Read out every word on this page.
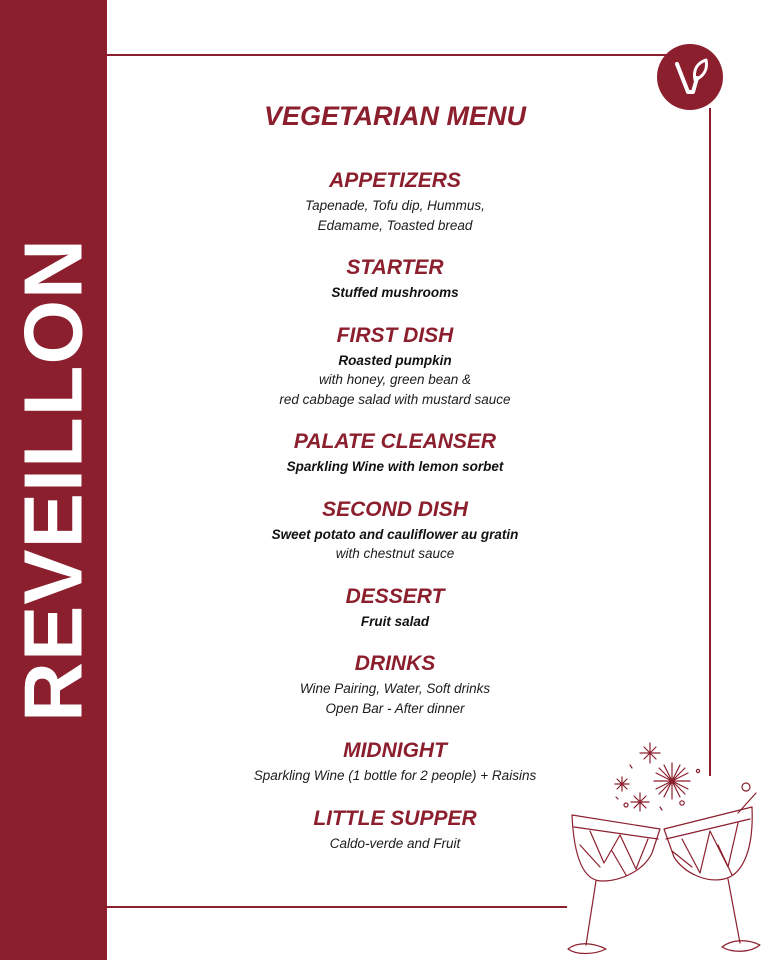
REVEILLON
VEGETARIAN MENU
APPETIZERS
Tapenade, Tofu dip, Hummus,
Edamame, Toasted bread
STARTER
Stuffed mushrooms
FIRST DISH
Roasted pumpkin
with honey, green bean &
red cabbage salad with mustard sauce
PALATE CLEANSER
Sparkling Wine with lemon sorbet
SECOND DISH
Sweet potato and cauliflower au gratin
with chestnut sauce
DESSERT
Fruit salad
DRINKS
Wine Pairing, Water, Soft drinks
Open Bar - After dinner
MIDNIGHT
Sparkling Wine (1 bottle for 2 people) + Raisins
LITTLE SUPPER
Caldo-verde and Fruit
